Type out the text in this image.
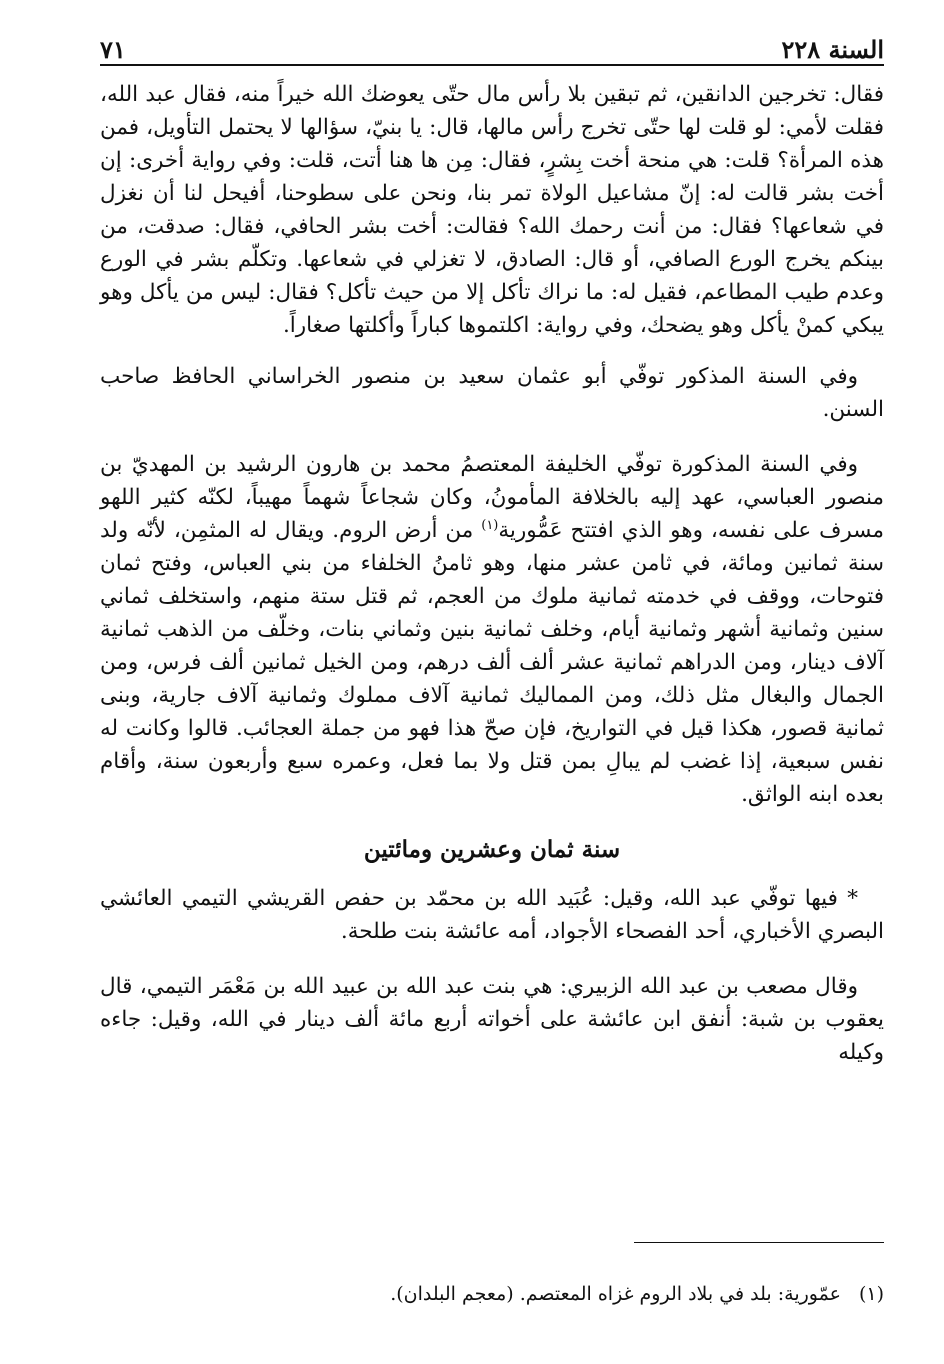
السنة ٢٢٨
٧١

فقال: تخرجين الدانقين، ثم تبقين بلا رأس مال حتّى يعوضك الله خيراً منه، فقال عبد الله، فقلت لأمي: لو قلت لها حتّى تخرج رأس مالها، قال: يا بنيّ، سؤالها لا يحتمل التأويل، فمن هذه المرأة؟ قلت: هي منحة أخت بِشرٍ، فقال: مِن ها هنا أتت، قلت: وفي رواية أخرى: إن أخت بشر قالت له: إنّ مشاعيل الولاة تمر بنا، ونحن على سطوحنا، أفيحل لنا أن نغزل في شعاعها؟ فقال: من أنت رحمك الله؟ فقالت: أخت بشر الحافي، فقال: صدقت، من بينكم يخرج الورع الصافي، أو قال: الصادق، لا تغزلي في شعاعها. وتكلّم بشر في الورع وعدم طيب المطاعم، فقيل له: ما نراك تأكل إلا من حيث تأكل؟ فقال: ليس من يأكل وهو يبكي كمنْ يأكل وهو يضحك، وفي رواية: اكلتموها كباراً وأكلتها صغاراً.

وفي السنة المذكور توفّي أبو عثمان سعيد بن منصور الخراساني الحافظ صاحب السنن.

وفي السنة المذكورة توفّي الخليفة المعتصمُ محمد بن هارون الرشيد بن المهديّ بن منصور العباسي، عهد إليه بالخلافة المأمونُ، وكان شجاعاً شهماً مهيباً، لكنّه كثير اللهو مسرف على نفسه، وهو الذي افتتح عَمُّورية$^{(١)}$ من أرض الروم. ويقال له المثمِن، لأنّه ولد سنة ثمانين ومائة، في ثامن عشر منها، وهو ثامنُ الخلفاء من بني العباس، وفتح ثمان فتوحات، ووقف في خدمته ثمانية ملوك من العجم، ثم قتل ستة منهم، واستخلف ثماني سنين وثمانية أشهر وثمانية أيام، وخلف ثمانية بنين وثماني بنات، وخلّف من الذهب ثمانية آلاف دينار، ومن الدراهم ثمانية عشر ألف ألف درهم، ومن الخيل ثمانين ألف فرس، ومن الجمال والبغال مثل ذلك، ومن المماليك ثمانية آلاف مملوك وثمانية آلاف جارية، وبنى ثمانية قصور، هكذا قيل في التواريخ، فإن صحّ هذا فهو من جملة العجائب. قالوا وكانت له نفس سبعية، إذا غضب لم يبالِ بمن قتل ولا بما فعل، وعمره سبع وأربعون سنة، وأقام بعده ابنه الواثق.

سنة ثمان وعشرين ومائتين

* فيها توفّي عبد الله، وقيل: عُبَيد الله بن محمّد بن حفص القريشي التيمي العائشي البصري الأخباري، أحد الفصحاء الأجواد، أمه عائشة بنت طلحة.

وقال مصعب بن عبد الله الزبيري: هي بنت عبد الله بن عبيد الله بن مَعْمَر التيمي، قال يعقوب بن شبة: أنفق ابن عائشة على أخواته أربع مائة ألف دينار في الله، وقيل: جاءه وكيله

(١)عمّورية: بلد في بلاد الروم غزاه المعتصم. (معجم البلدان).
